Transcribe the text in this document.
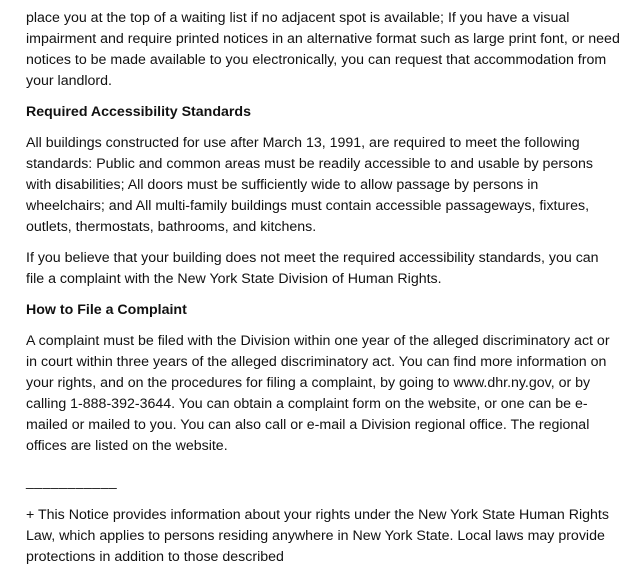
place you at the top of a waiting list if no adjacent spot is available; If you have a visual impairment and require printed notices in an alternative format such as large print font, or need notices to be made available to you electronically, you can request that accommodation from your landlord.

Required Accessibility Standards

All buildings constructed for use after March 13, 1991, are required to meet the following standards: Public and common areas must be readily accessible to and usable by persons with disabilities; All doors must be sufficiently wide to allow passage by persons in wheelchairs; and All multi-family buildings must contain accessible passageways, fixtures, outlets, thermostats, bathrooms, and kitchens.

If you believe that your building does not meet the required accessibility standards, you can file a complaint with the New York State Division of Human Rights.

How to File a Complaint

A complaint must be filed with the Division within one year of the alleged discriminatory act or in court within three years of the alleged discriminatory act. You can find more information on your rights, and on the procedures for filing a complaint, by going to www.dhr.ny.gov, or by calling 1-888-392-3644. You can obtain a complaint form on the website, or one can be e-mailed or mailed to you. You can also call or e-mail a Division regional office. The regional offices are listed on the website.

___________

+ This Notice provides information about your rights under the New York State Human Rights Law, which applies to persons residing anywhere in New York State. Local laws may provide protections in addition to those described
